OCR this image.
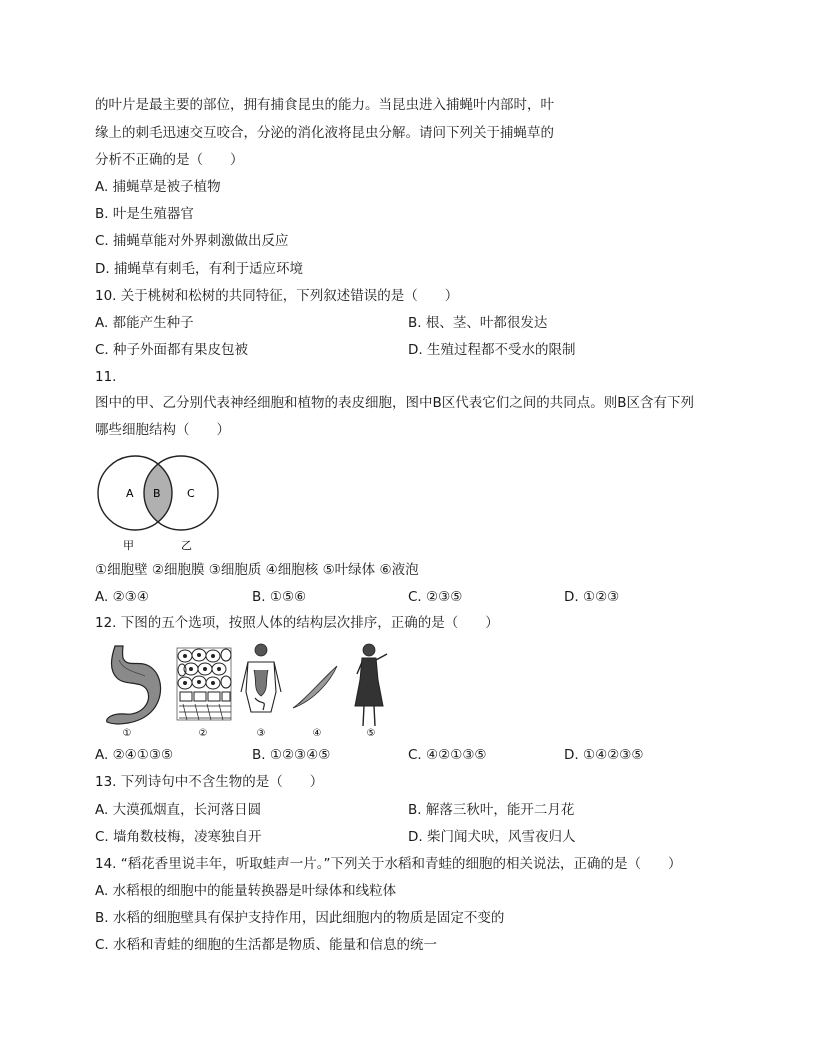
的叶片是最主要的部位，拥有捕食昆虫的能力。当昆虫进入捕蝇叶内部时，叶
缘上的刺毛迅速交互咬合，分泌的消化液将昆虫分解。请问下列关于捕蝇草的
分析不正确的是（　　）
A. 捕蝇草是被子植物
B. 叶是生殖器官
C. 捕蝇草能对外界刺激做出反应
D. 捕蝇草有刺毛，有利于适应环境
10. 关于桃树和松树的共同特征，下列叙述错误的是（　　）
A. 都能产生种子	B. 根、茎、叶都很发达
C. 种子外面都有果皮包被	D. 生殖过程都不受水的限制
11.
图中的甲、乙分别代表神经细胞和植物的表皮细胞，图中B区代表它们之间的共同点。则B区含有下列
哪些细胞结构（　　）
A B C
甲	乙
①细胞壁 ②细胞膜 ③细胞质 ④细胞核 ⑤叶绿体 ⑥液泡
A. ②③④	B. ①⑤⑥	C. ②③⑤	D. ①②③
12. 下图的五个选项，按照人体的结构层次排序，正确的是（　　）
①	②	③	④	⑤
A. ②④①③⑤	B. ①②③④⑤	C. ④②①③⑤	D. ①④②③⑤
13. 下列诗句中不含生物的是（　　）
A. 大漠孤烟直，长河落日圆	B. 解落三秋叶，能开二月花
C. 墙角数枝梅，凌寒独自开	D. 柴门闻犬吠，风雪夜归人
14. “稻花香里说丰年，听取蛙声一片。”下列关于水稻和青蛙的细胞的相关说法，正确的是（　　）
A. 水稻根的细胞中的能量转换器是叶绿体和线粒体
B. 水稻的细胞壁具有保护支持作用，因此细胞内的物质是固定不变的
C. 水稻和青蛙的细胞的生活都是物质、能量和信息的统一
